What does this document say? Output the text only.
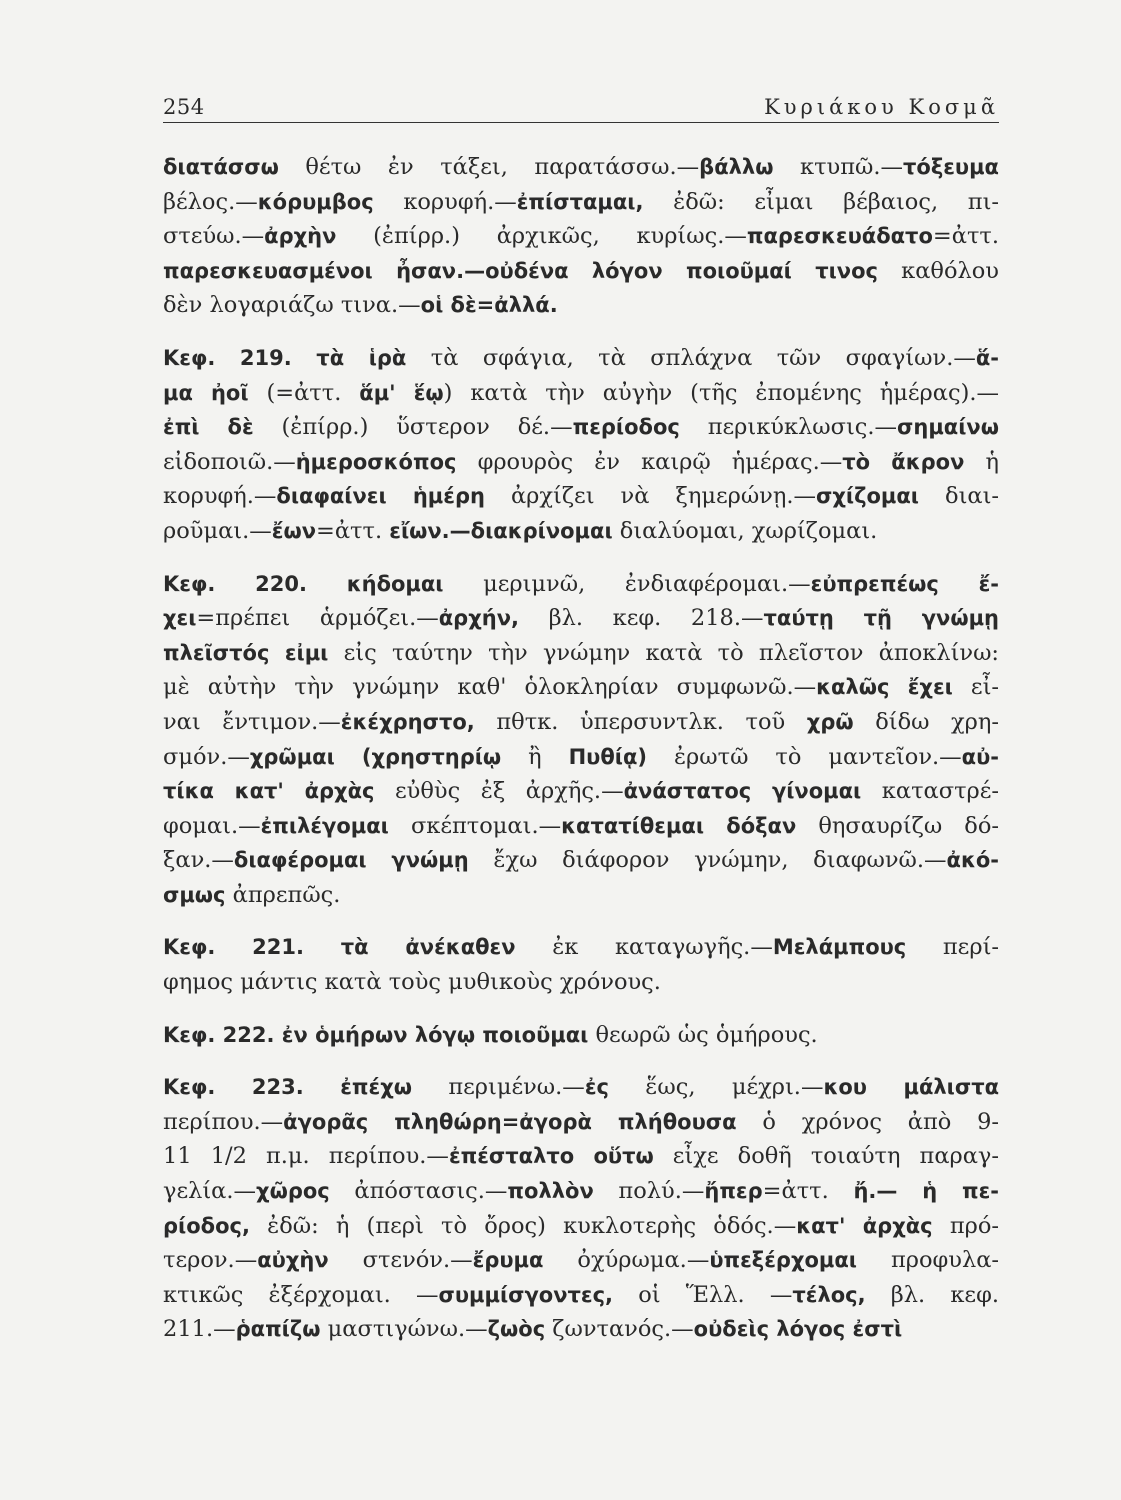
254	Κυριάκου Κοσμᾶ
διατάσσω θέτω ἐν τάξει, παρατάσσω.—βάλλω κτυπῶ.—τόξευμα
βέλος.—κόρυμβος κορυφή.—ἐπίσταμαι, ἐδῶ: εἶμαι βέβαιος, πι-
στεύω.—ἀρχὴν (ἐπίρρ.) ἀρχικῶς, κυρίως.—παρεσκευάδατο=ἀττ.
παρεσκευασμένοι ἦσαν.—οὐδένα λόγον ποιοῦμαί τινος καθόλου
δὲν λογαριάζω τινα.—οἱ δὲ=ἀλλά.
Κεφ. 219. τὰ ἱρὰ τὰ σφάγια, τὰ σπλάχνα τῶν σφαγίων.—ἅ-
μα ἠοῖ (=ἀττ. ἅμ' ἕῳ) κατὰ τὴν αὐγὴν (τῆς ἐπομένης ἡμέρας).—
ἐπὶ δὲ (ἐπίρρ.) ὕστερον δέ.—περίοδος περικύκλωσις.—σημαίνω
εἰδοποιῶ.—ἡμεροσκόπος φρουρὸς ἐν καιρῷ ἡμέρας.—τὸ ἄκρον ἡ
κορυφή.—διαφαίνει ἡμέρη ἀρχίζει νὰ ξημερώνῃ.—σχίζομαι διαι-
ροῦμαι.—ἔων=ἀττ. εἴων.—διακρίνομαι διαλύομαι, χωρίζομαι.
Κεφ. 220. κήδομαι μεριμνῶ, ἐνδιαφέρομαι.—εὐπρεπέως ἔ-
χει=πρέπει ἁρμόζει.—ἀρχήν, βλ. κεφ. 218.—ταύτῃ τῇ γνώμῃ
πλεῖστός εἰμι εἰς ταύτην τὴν γνώμην κατὰ τὸ πλεῖστον ἀποκλίνω:
μὲ αὐτὴν τὴν γνώμην καθ' ὁλοκληρίαν συμφωνῶ.—καλῶς ἔχει εἶ-
ναι ἔντιμον.—ἐκέχρηστο, πθτκ. ὑπερσυντλκ. τοῦ χρῶ δίδω χρη-
σμόν.—χρῶμαι (χρηστηρίῳ ἢ Πυθίᾳ) ἐρωτῶ τὸ μαντεῖον.—αὐ-
τίκα κατ' ἀρχὰς εὐθὺς ἐξ ἀρχῆς.—ἀνάστατος γίνομαι καταστρέ-
φομαι.—ἐπιλέγομαι σκέπτομαι.—κατατίθεμαι δόξαν θησαυρίζω δό-
ξαν.—διαφέρομαι γνώμῃ ἔχω διάφορον γνώμην, διαφωνῶ.—ἀκό-
σμως ἀπρεπῶς.
Κεφ. 221. τὰ ἀνέκαθεν ἐκ καταγωγῆς.—Μελάμπους περί-
φημος μάντις κατὰ τοὺς μυθικοὺς χρόνους.
Κεφ. 222. ἐν ὁμήρων λόγῳ ποιοῦμαι θεωρῶ ὡς ὁμήρους.
Κεφ. 223. ἐπέχω περιμένω.—ἐς ἕως, μέχρι.—κου μάλιστα
περίπου.—ἀγορᾶς πληθώρη=ἀγορὰ πλήθουσα ὁ χρόνος ἀπὸ 9-
11 1/2 π.μ. περίπου.—ἐπέσταλτο οὕτω εἶχε δοθῆ τοιαύτη παραγ-
γελία.—χῶρος ἀπόστασις.—πολλὸν πολύ.—ἤπερ=ἀττ. ἤ.— ἡ πε-
ρίοδος, ἐδῶ: ἡ (περὶ τὸ ὄρος) κυκλοτερὴς ὁδός.—κατ' ἀρχὰς πρό-
τερον.—αὐχὴν στενόν.—ἔρυμα ὀχύρωμα.—ὑπεξέρχομαι προφυλα-
κτικῶς ἐξέρχομαι. —συμμίσγοντες, οἱ Ἕλλ. —τέλος, βλ. κεφ.
211.—ῥαπίζω μαστιγώνω.—ζωὸς ζωντανός.—οὐδεὶς λόγος ἐστὶ
